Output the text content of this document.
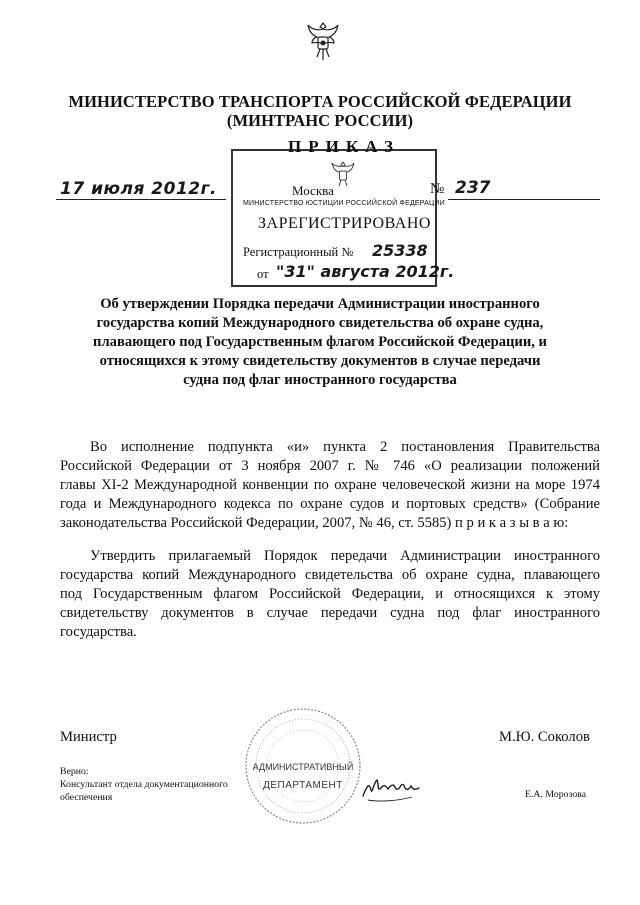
МИНИСТЕРСТВО ТРАНСПОРТА РОССИЙСКОЙ ФЕДЕРАЦИИ
(МИНТРАНС РОССИИ)
ПРИКАЗ
17 июля 2012г.	№ 237
Москва
МИНИСТЕРСТВО ЮСТИЦИИ РОССИЙСКОЙ ФЕДЕРАЦИИ
ЗАРЕГИСТРИРОВАНО
Регистрационный № 25338
от "31" августа 2012г.
Об утверждении Порядка передачи Администрации иностранного
государства копий Международного свидетельства об охране судна,
плавающего под Государственным флагом Российской Федерации, и
относящихся к этому свидетельству документов в случае передачи
судна под флаг иностранного государства
Во исполнение подпункта «и» пункта 2 постановления Правительства
Российской Федерации от 3 ноября 2007 г. № 746 «О реализации положений
главы XI-2 Международной конвенции по охране человеческой жизни на море 1974
года и Международного кодекса по охране судов и портовых средств» (Собрание
законодательства Российской Федерации, 2007, № 46, ст. 5585) п р и к а з ы в а ю:
Утвердить прилагаемый Порядок передачи Администрации иностранного
государства копий Международного свидетельства об охране судна, плавающего
под Государственным флагом Российской Федерации, и относящихся к этому
свидетельству документов в случае передачи судна под флаг иностранного
государства.
Министр	М.Ю. Соколов
АДМИНИСТРАТИВНЫЙ
ДЕПАРТАМЕНТ
Верно:
Консультант отдела документационного
обеспечения	Е.А. Морозова
